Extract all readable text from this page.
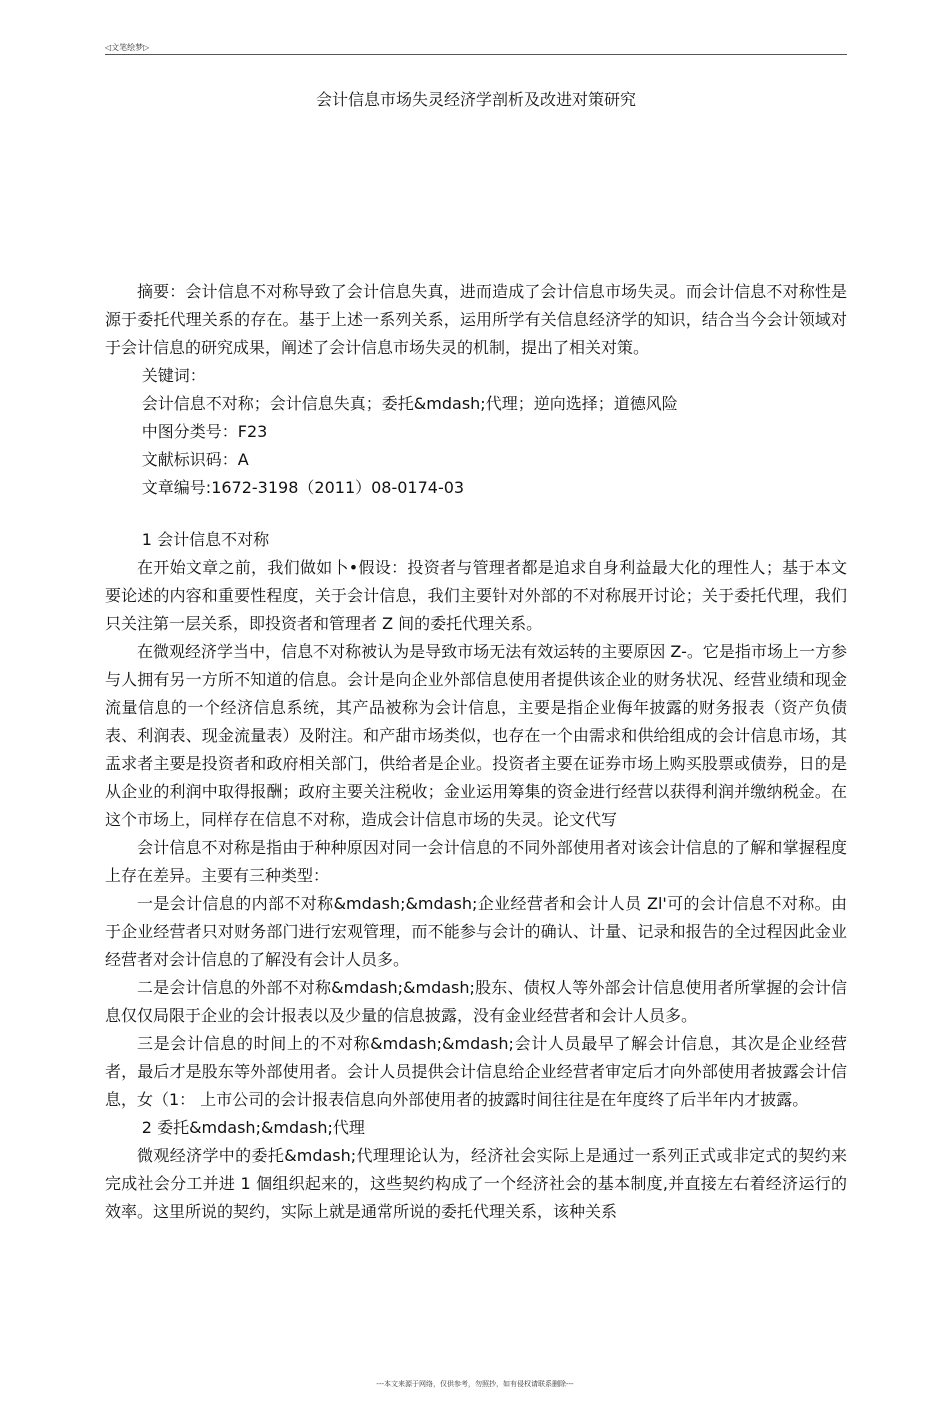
◁文笔绘梦▷
会计信息市场失灵经济学剖析及改进对策研究

摘要：会计信息不对称导致了会计信息失真，进而造成了会计信息市场失灵。而会计信息不对称性是源于委托代理关系的存在。基于上述一系列关系，运用所学有关信息经济学的知识，结合当今会计领域对于会计信息的研究成果，阐述了会计信息市场失灵的机制，提出了相关对策。

关键词：
会计信息不对称；会计信息失真；委托&mdash;代理；逆向选择；道德风险
中图分类号：F23
文献标识码：A
文章编号:1672-3198（2011）08-0174-03
1 会计信息不对称

在开始文章之前，我们做如卜•假设：投资者与管理者都是追求自身利益最大化的理性人；基于本文要论述的内容和重要性程度，关于会计信息，我们主要针对外部的不对称展开讨论；关于委托代理，我们只关注第一层关系，即投资者和管理者 Z 间的委托代理关系。

在微观经济学当中，信息不对称被认为是导致市场无法有效运转的主要原因 Z-。它是指市场上一方参与人拥有另一方所不知道的信息。会计是向企业外部信息使用者提供该企业的财务状况、经营业绩和现金流量信息的一个经济信息系统，其产品被称为会计信息，主要是指企业侮年披露的财务报表（资产负债表、利润表、现金流量表）及附注。和产甜市场类似，也存在一个由需求和供给组成的会计信息市场，其盂求者主要是投资者和政府相关部门，供给者是企业。投资者主要在证券市场上购买股票或债券，日的是从企业的利润中取得报酬；政府主要关注税收；金业运用筹集的资金进行经营以获得利润并缴纳税金。在这个市场上，同样存在信息不对称，造成会计信息市场的失灵。论文代写

会计信息不对称是指由于种种原因对同一会计信息的不同外部使用者对该会计信息的了解和掌握程度上存在差异。主要有三种类型：

一是会计信息的内部不对称&mdash;&mdash;企业经营者和会计人员 Zl'可的会计信息不对称。由于企业经营者只对财务部门进行宏观管理，而不能参与会计的确认、计量、记录和报告的全过程因此金业经营者对会计信息的了解没有会计人员多。

二是会计信息的外部不对称&mdash;&mdash;股东、债权人等外部会计信息使用者所掌握的会计信息仅仅局限于企业的会计报表以及少量的信息披露，没有金业经营者和会计人员多。

三是会计信息的时间上的不对称&mdash;&mdash;会计人员最早了解会计信息，其次是企业经营者，最后才是股东等外部使用者。会计人员提供会计信息给企业经营者审定后才向外部使用者披露会计信息，女（1： 上市公司的会计报表信息向外部使用者的披露时间往往是在年度终了后半年内才披露。

2 委托&mdash;&mdash;代理

微观经济学中的委托&mdash;代理理论认为，经济社会实际上是通过一系列正式或非定式的契约来完成社会分工并进 1 個组织起来的，这些契约构成了一个经济社会的基本制度,并直接左右着经济运行的效率。这里所说的契约，实际上就是通常所说的委托代理关系，该种关系

---本文来源于网络，仅供参考，勿照抄，如有侵权请联系删除---
